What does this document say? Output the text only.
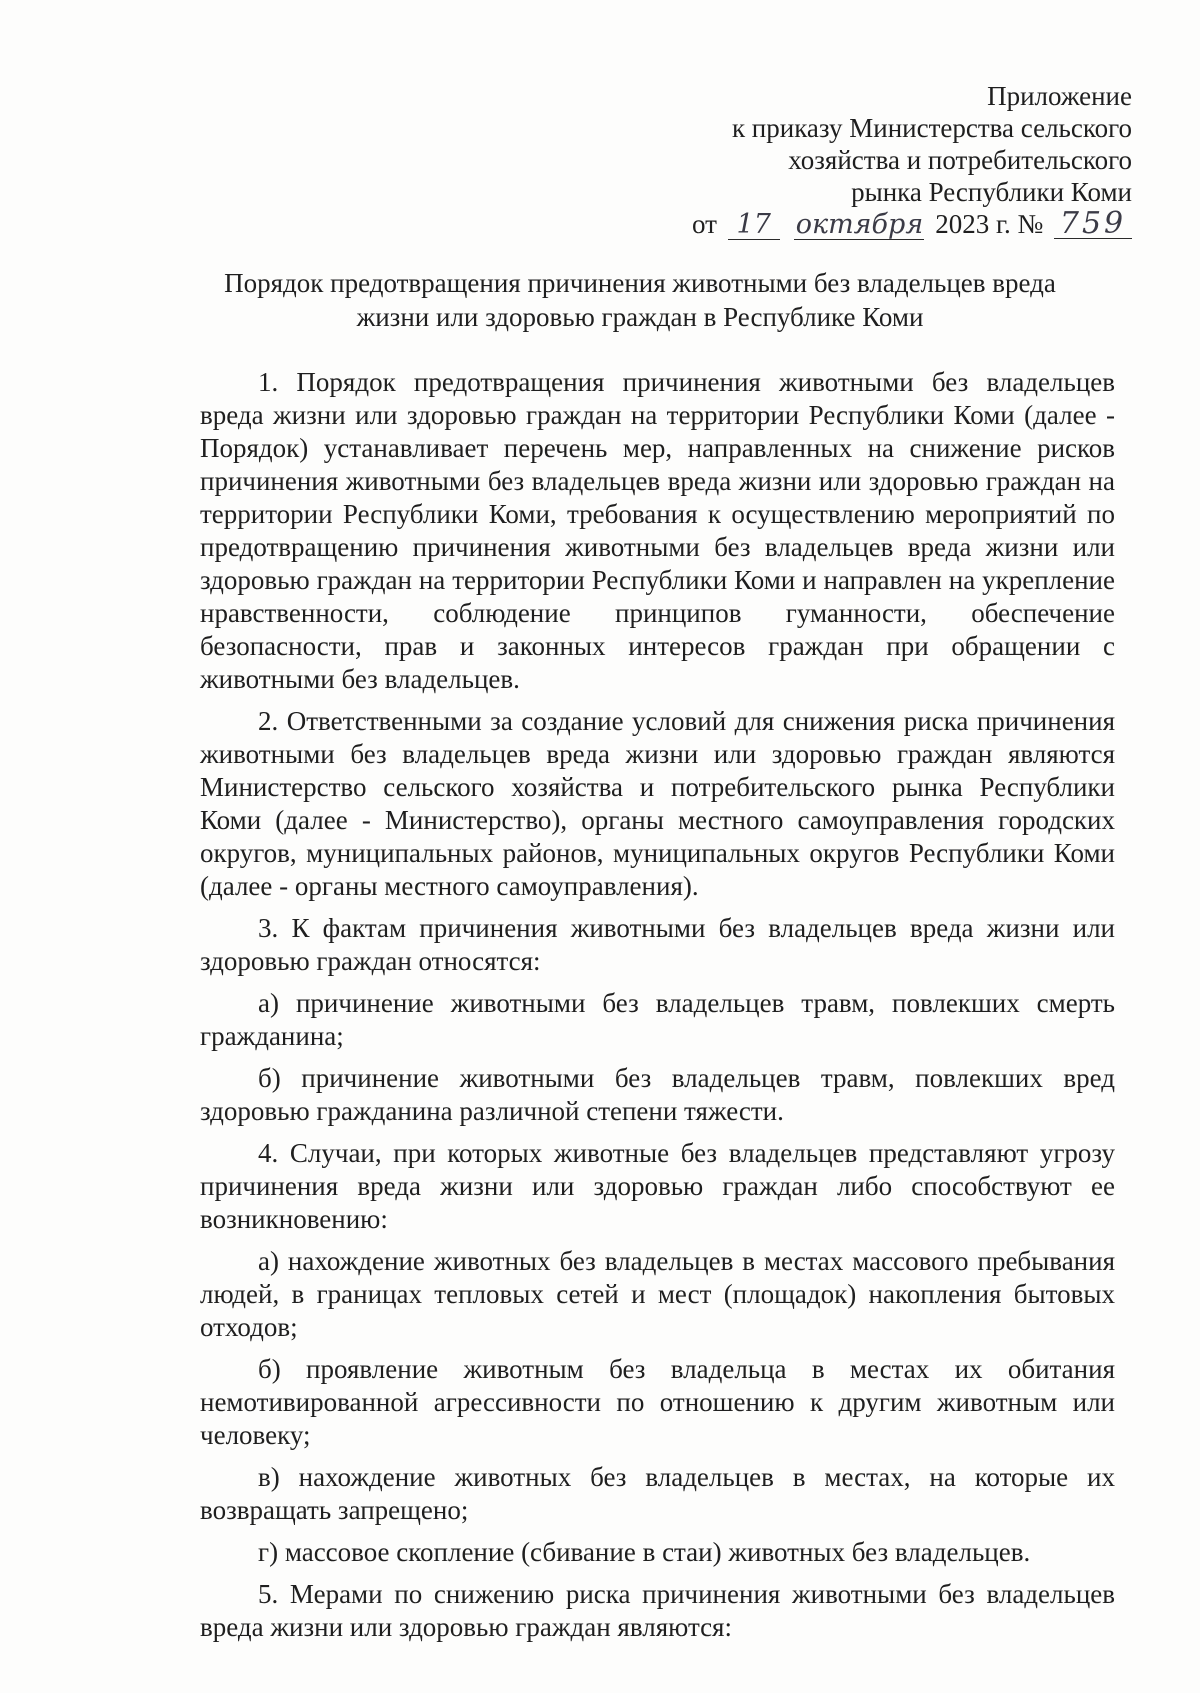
Приложение
к приказу Министерства сельского
хозяйства и потребительского
рынка Республики Коми
от 17 октября 2023 г. № 759
Порядок предотвращения причинения животными без владельцев вреда
жизни или здоровью граждан в Республике Коми

1. Порядок предотвращения причинения животными без владельцев вреда жизни или здоровью граждан на территории Республики Коми (далее - Порядок) устанавливает перечень мер, направленных на снижение рисков причинения животными без владельцев вреда жизни или здоровью граждан на территории Республики Коми, требования к осуществлению мероприятий по предотвращению причинения животными без владельцев вреда жизни или здоровью граждан на территории Республики Коми и направлен на укрепление нравственности, соблюдение принципов гуманности, обеспечение безопасности, прав и законных интересов граждан при обращении с животными без владельцев.

2. Ответственными за создание условий для снижения риска причинения животными без владельцев вреда жизни или здоровью граждан являются Министерство сельского хозяйства и потребительского рынка Республики Коми (далее - Министерство), органы местного самоуправления городских округов, муниципальных районов, муниципальных округов Республики Коми (далее - органы местного самоуправления).

3. К фактам причинения животными без владельцев вреда жизни или здоровью граждан относятся:

а) причинение животными без владельцев травм, повлекших смерть гражданина;

б) причинение животными без владельцев травм, повлекших вред здоровью гражданина различной степени тяжести.

4. Случаи, при которых животные без владельцев представляют угрозу причинения вреда жизни или здоровью граждан либо способствуют ее возникновению:

а) нахождение животных без владельцев в местах массового пребывания людей, в границах тепловых сетей и мест (площадок) накопления бытовых отходов;

б) проявление животным без владельца в местах их обитания немотивированной агрессивности по отношению к другим животным или человеку;

в) нахождение животных без владельцев в местах, на которые их возвращать запрещено;

г) массовое скопление (сбивание в стаи) животных без владельцев.

5. Мерами по снижению риска причинения животными без владельцев вреда жизни или здоровью граждан являются:
